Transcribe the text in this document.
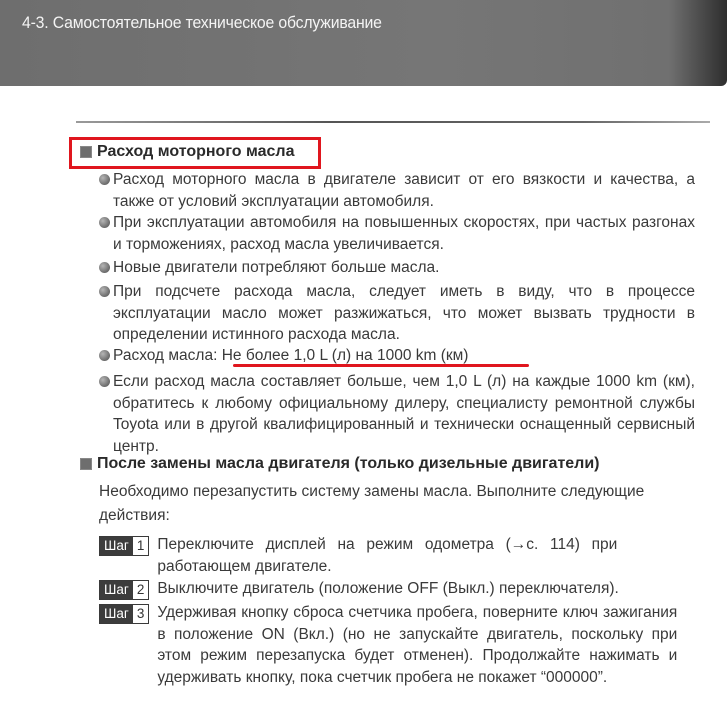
4-3. Самостоятельное техническое обслуживание
Расход моторного масла
Расход моторного масла в двигателе зависит от его вязкости и качества, а также от условий эксплуатации автомобиля.
При эксплуатации автомобиля на повышенных скоростях, при частых разгонах и торможениях, расход масла увеличивается.
Новые двигатели потребляют больше масла.
При подсчете расхода масла, следует иметь в виду, что в процессе эксплуатации масло может разжижаться, что может вызвать трудности в определении истинного расхода масла.
Расход масла: Не более 1,0 L (л) на 1000 km (км)
Если расход масла составляет больше, чем 1,0 L (л) на каждые 1000 km (км), обратитесь к любому официальному дилеру, специалисту ремонтной службы Toyota или в другой квалифицированный и технически оснащенный сервисный центр.
После замены масла двигателя (только дизельные двигатели)
Необходимо перезапустить систему замены масла. Выполните следующие действия:
Шаг 1 Переключите дисплей на режим одометра (→с. 114) при работающем двигателе.
Шаг 2 Выключите двигатель (положение OFF (Выкл.) переключателя).
Шаг 3 Удерживая кнопку сброса счетчика пробега, поверните ключ зажигания в положение ON (Вкл.) (но не запускайте двигатель, поскольку при этом режим перезапуска будет отменен). Продолжайте нажимать и удерживать кнопку, пока счетчик пробега не покажет “000000”.
